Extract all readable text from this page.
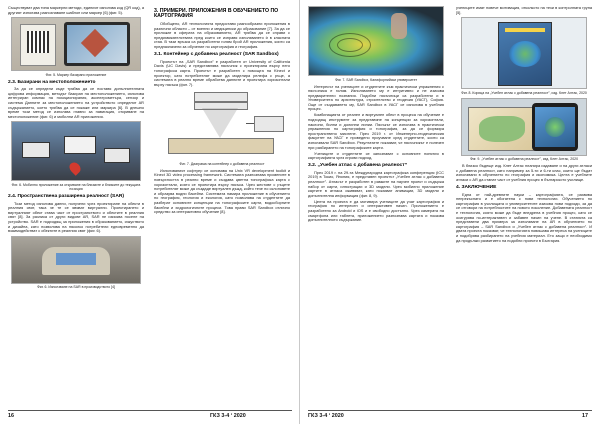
Съществуват два типа маркерни методи, единият използва код (QR код), а другият използва разпознаване шаблон или маркер [6] (фиг. 5).

Фиг. 5. Маркер базирано приложение
2.3. Базирани на местоположението

За да се определи къде трябва да се поставя допълнителната цифрова информация, методът базиран на местоположението, използва интегриран компас на позиционирания, акселерометъра, сензор и система Данните за местоположението на устройството определят AR съдържанието, което трябва да се покаже или маркира [6]. В днешно време този метод се използва главно за навигация, откриване на местоположение (фиг. 6) и мобилни AR приложения.

Фиг. 6. Мобилно приложение за откриване на близките и близките до текущата позиция
2.4. Пространствена разширена реалност (SAR)

Този метод използва данни, получени чрез проектиране на обекти в реалния свят, така че те се явяват виртуални. Проектирането и виртуалният обект става част от пространството и обектите в реалния свят [8]. За разлика от други видове AR, SAR не изисква носене на устройство. SAR е подходящ за приложения в образованието, изкуството и дизайна, като позволява на няколко потребители едновременно да взаимодействат с обектите в реалния свят (фиг. 6).

Фиг. 6. Използване на SAR в производството [4]
3. ПРИМЕРИ. ПРИЛОЖЕНИЯ В ОБУЧЕНИЕТО ПО КАРТОГРАФИЯ

Обобщено, AR технологията предоставя разнообразни приложения в различни области – от военни и медицински до образование [7]. За да се приложат в сферата на образованието, AR трябва да се справи с предизвикателствата пред които се изправя използването ѝ в класната стая. В тази връзка са разработени голям брой AR приложения, които са предназначени за обучение по картография и география.

3.1. Контейнер с добавена реалност (SAR Sandbox)

Проектът на „SAR Sandbox” е разработен от University of California Davis (UC Davis) и представлява пясъчник с проектирана върху него топографска карта. Проектът е разработен с помощта на Kinect и проектор, като потребителят може да моделира релефа с ръце, а системата в реално време обработва данните и проектира хоризонтали върху пясъка (фиг. 7).

Фиг. 7. Диаграма на контейнер с добавена реалност

Използваният софтуер се основава на Unix VR development toolkit и Kinect 3D video processing framework. Системата разпознава промените в повърхността в реално време и създава цветна топографска карта с хоризонтали, която се проектира върху пясъка. Чрез жестове с ръцете потребителят може да създаде виртуален дъжд, който тече по склоновете и образува водни басейни. Системата намира приложение в обучението по география, геология и екология, като позволява на студентите да разберат основните концепции на топографските карти, водосборните басейни и хидрологичните процеси. Това прави SAR Sandbox отлично средство за интерактивно обучение [8].

16	ГКЗ 3-4 ‘ 2020
Фиг. 7. SAR Sandbox, Калифорнийски университет

Интересът на учениците и студентите към практически упражнения с пясъчника е голям. Използването му е интуитивно и не изисква предварителни познания. Подобни пясъчници са разработени и в Университета по архитектура, строителство и геодезия (УАСГ), София. Още от създаването му, SAR Sandbox в УАСГ се използва в учебния процес.

Комбинацията от реален и виртуален обект в процеса на обучение е подходящ инструмент за представяне на концепции за хоризонтали, наклони, билни и долинни линии. Пясъкът се използва в практически упражнения по картография и топография, за да се формира пространствено мислене. През 2019 г. от Инженерно-геодезическия факултет на УАСГ е проведено проучване сред студентите, които са използвали SAR Sandbox. Резултатите показват, че пясъчникът е полезен при разбирането на топографските карти.

Учениците и студентите се запознават с основните понятия в картографията чрез игрови подход.

3.2. „Учебен атлас с добавена реалност”

През 2019 г. на 29-та Международна картографска конференция (ICC 2019) в Токио, Япония, е представен проектът „Учебен атлас с добавена реалност”. Атласът е разработен в рамките на научен проект и съдържа набор от карти, илюстрации и 3D модели. Чрез мобилно приложение картите в атласа оживяват, като показват анимации, 3D модели и допълнителна информация (фиг. 8, 9).

Целта на проекта е да мотивира учениците да учат картография и география по интересен и интерактивен начин. Приложението е разработено за Android и iOS и е свободно достъпно. Чрез камерата на смартфона или таблета, приложението разпознава картата и показва допълнителното съдържание.

учениците имат повече мотивация, отколкото на тези в контролната група [5].

Фиг. 8. Корица на „Учебен атлас с добавена реалност”, изд. Клет Алтас, 2020
Фиг. 9. „Учебен атлас с добавена реалност”, изд. Клет Алтас, 2020

В близко бъдеще изд. Клет Алтас планира издаване и на други атласи с добавена реалност, като например за 5-ти и 6-ти клас, които ще бъдат използвани в обучението по география и икономика. Целта е учебните атласи с AR да станат част от учебния процес в българското училище.

4. ЗАКЛЮЧЕНИЕ

Една от най-древните науки – картографията, се развива непрекъснато и е обогатена с нови технологии. Обучението по картография в училищата и университетите изисква нови подходи, за да се отговори на потребностите на новото поколение. Добавената реалност е технология, която може да бъде внедрена в учебния процес, като се осигурява по-интерактивен и забавен начин на учене. В статията са представени два примера за използване на AR в обучението по картография – SAR Sandbox и „Учебен атлас с добавена реалност”. И двата проекта показват, че технологията повишава интереса на учениците и подобрява разбирането на учебния материал. Ето защо е необходимо да продължи развитието на подобни проекти в България.

ГКЗ 3-4 ‘ 2020	17
